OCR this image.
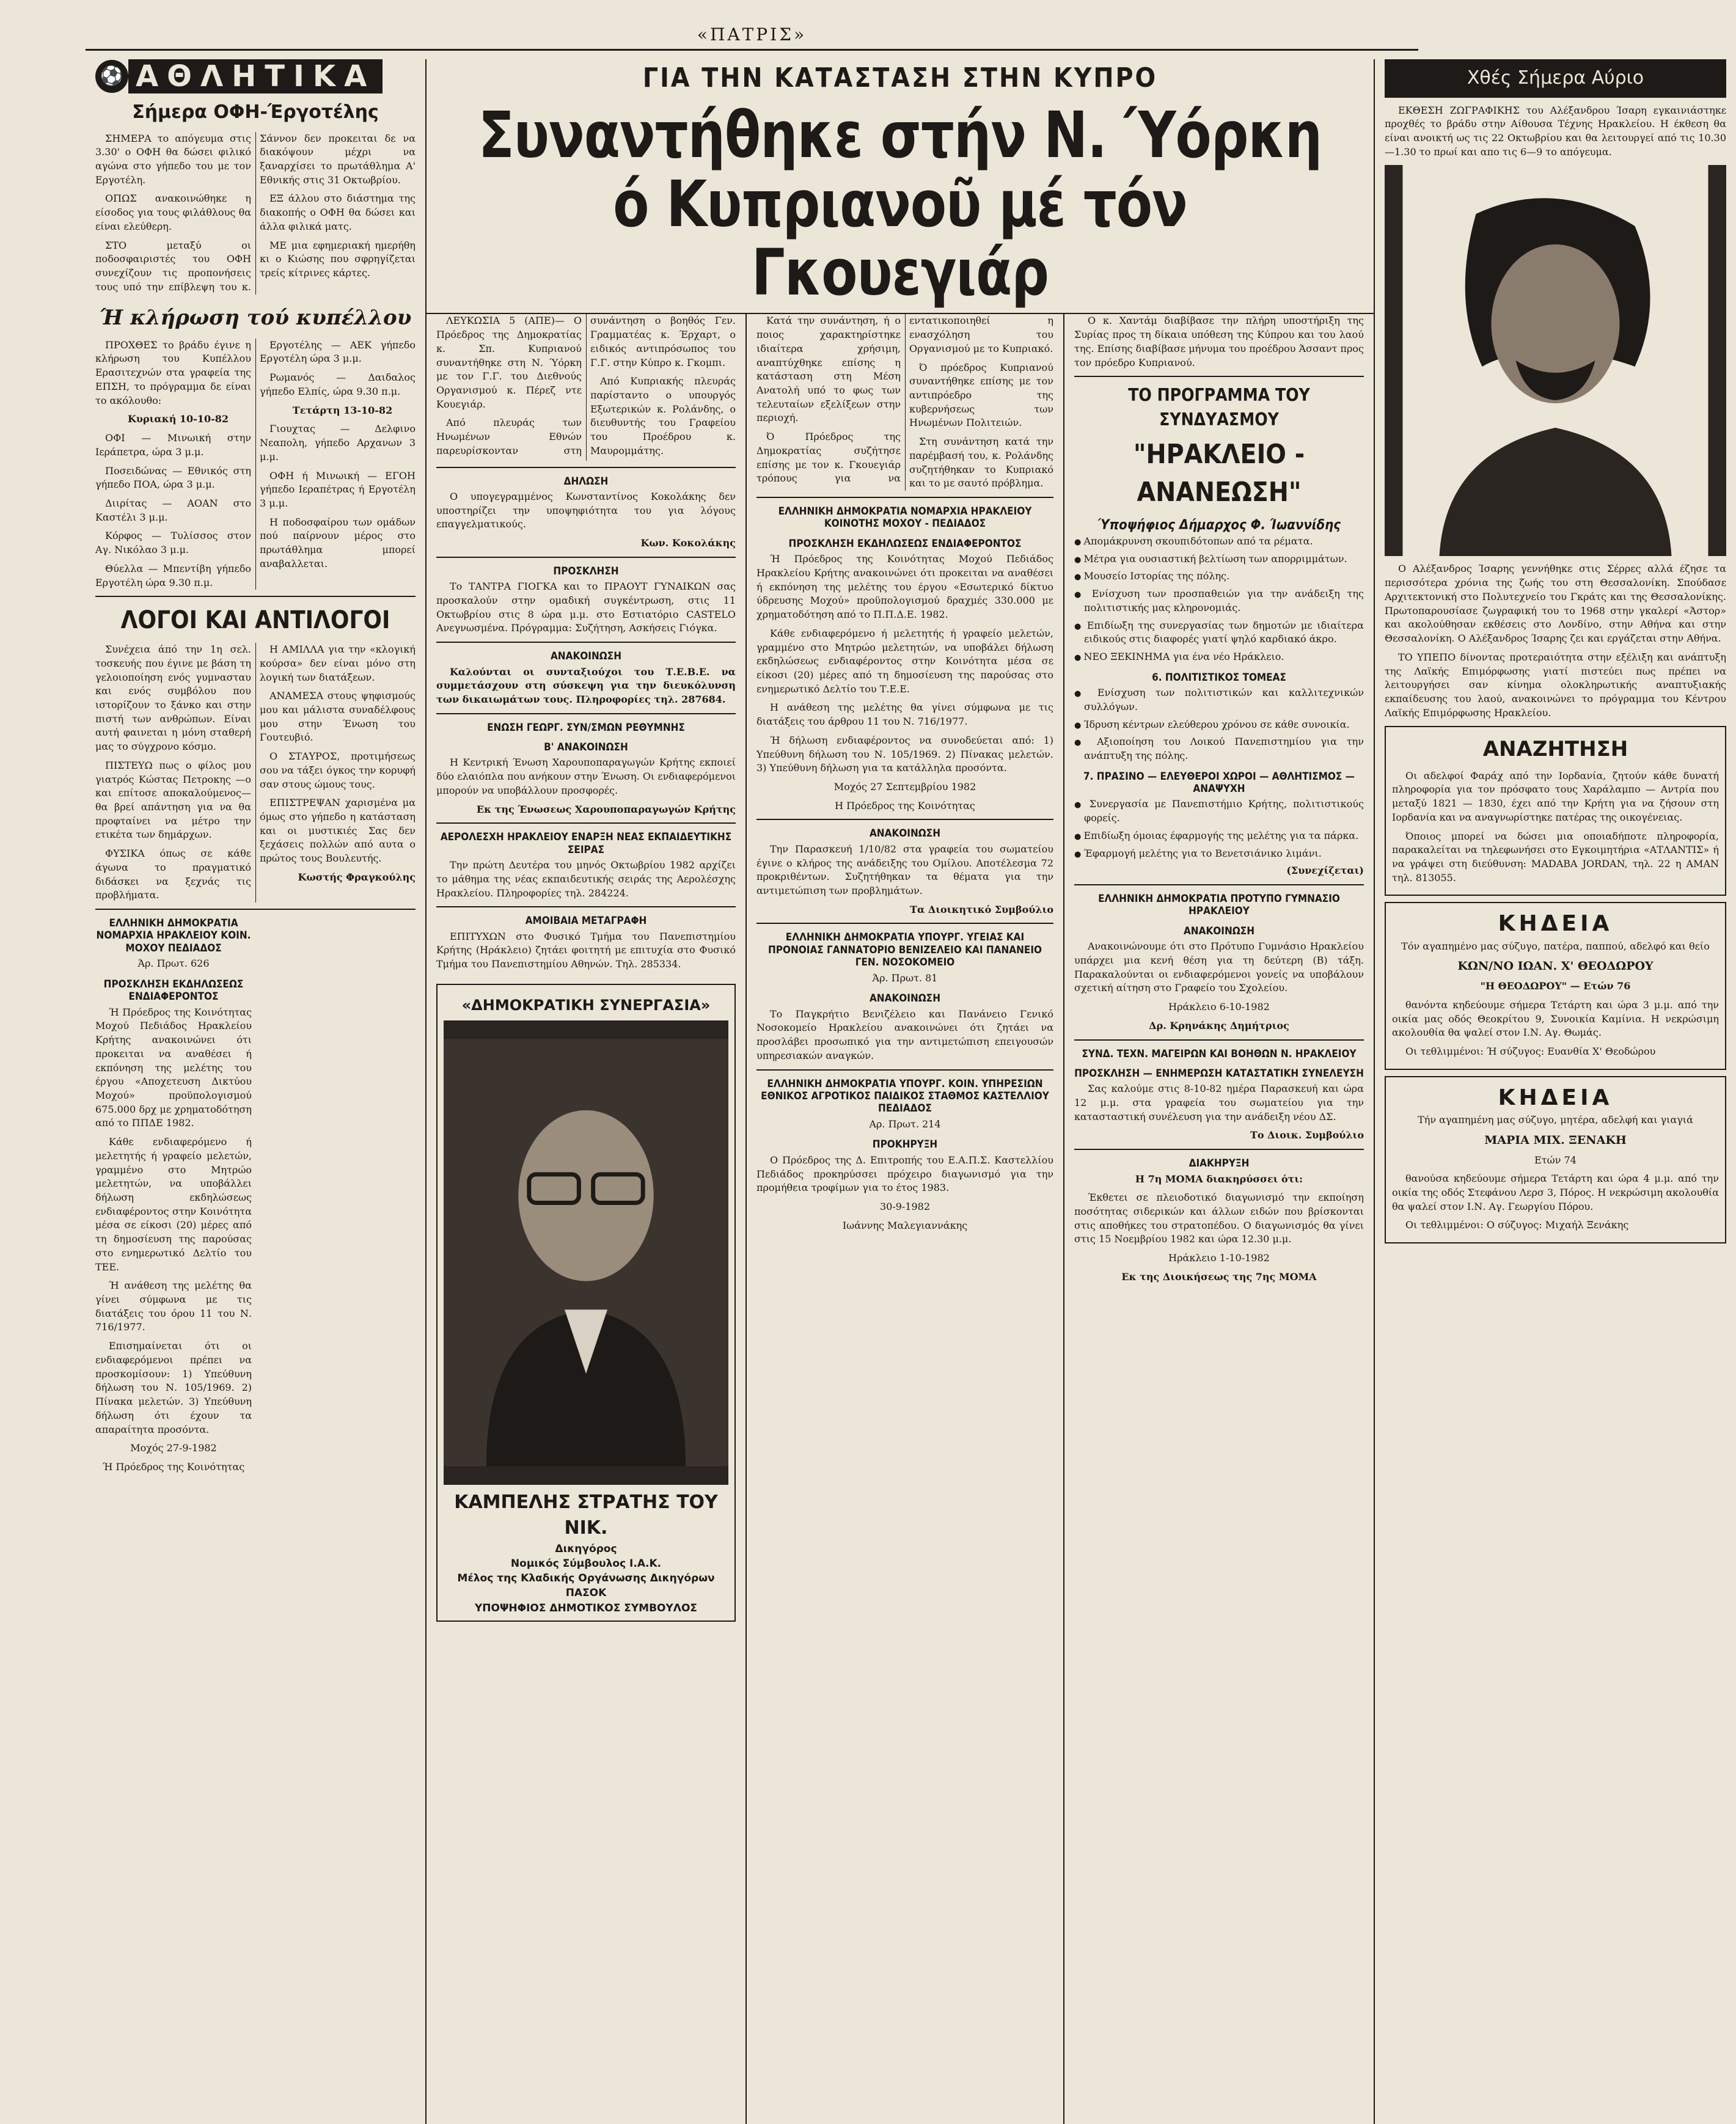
«ΠΑΤΡΙΣ»
⚽ ΑΘΛΗΤΙΚΑ
Σήμερα ΟΦΗ-Έργοτέλης

ΣΗΜΕΡΑ το απόγευμα στις 3.30' ο ΟΦΗ θα δώσει φιλικό αγώνα στο γήπεδο του με τον Εργοτέλη.

ΟΠΩΣ ανακοινώθηκε η είσοδος για τους φιλάθλους θα είναι ελεύθερη.

ΣΤΟ μεταξύ οι ποδοσφαιριστές του ΟΦΗ συνεχίζουν τις προπονήσεις τους υπό την επίβλεψη του κ. Σάννον δεν προκειται δε να διακόψουν μέχρι να ξαναρχίσει το πρωτάθλημα Α' Εθνικής στις 31 Οκτωβρίου.

ΕΞ άλλου στο διάστημα της διακοπής ο ΟΦΗ θα δώσει και άλλα φιλικά ματς.

ΜΕ μια εφημεριακή ημερήθη κι ο Κιώσης που σφρηγίζεται τρείς κίτρινες κάρτες.

Ή κλήρωση τού κυπέλλου

ΠΡΟΧΘΕΣ το βράδυ έγινε η κλήρωση του Κυπέλλου Ερασιτεχνών στα γραφεία της ΕΠΣΗ, το πρόγραμμα δε είναι το ακόλουθο:

Κυριακή 10-10-82

ΟΦΙ — Μινωική στην Ιεράπετρα, ώρα 3 μ.μ.

Ποσειδώνας — Εθνικός στη γήπεδο ΠΟΑ, ώρα 3 μ.μ.

Διιρίτας — ΑΟΑΝ στο Καστέλι 3 μ.μ.

Κόρφος — Τυλίσσος στον Αγ. Νικόλαο 3 μ.μ.

Θύελλα — Μπεντίβη γήπεδο Εργοτέλη ώρα 9.30 π.μ.

Εργοτέλης — ΑΕΚ γήπεδο Εργοτέλη ώρα 3 μ.μ.

Ρωμανός — Δαιδαλος γήπεδο Ελπίς, ώρα 9.30 π.μ.

Τετάρτη 13-10-82

Γιουχτας — Δελφινο Νεαπολη, γήπεδο Αρχανων 3 μ.μ.

ΟΦΗ ή Μινωική — ΕΓΟΗ γήπεδο Ιεραπέτρας ή Εργοτέλη 3 μ.μ.

Η ποδοσφαίρου των ομάδων πού παίρνουν μέρος στο πρωτάθλημα μπορεί αναβαλλεται.

ΛΟΓΟΙ ΚΑΙ ΑΝΤΙΛΟΓΟΙ

Συνέχεια άπό την 1η σελ. τοσκευής που έγινε με βάση τη γελοιοποίηση ενός γυμνασταυ και ενός συμβόλου που ιστορίζουν το ξάνκο και στην πιστή των ανθρώπων. Είναι αυτή φαινεται η μόνη σταθερή μας το σύγχρονο κόσμο.

ΠΙΣΤΕΥΩ πως ο φίλος μου γιατρός Κώστας Πετροκης —ο και επίτοσε αποκαλούμενος— θα βρεί απάντηση για να θα προφταίνει να μέτρο την ετικέτα των δημάρχων.

ΦΥΣΙΚΑ όπως σε κάθε άγωνα το πραγματικό διδάσκει να ξεχνάς τις προβλήματα.

Η ΑΜΙΛΛΑ για την «κλογική κούρσα» δεν είναι μόνο στη λογική των διατάξεων.

ΑΝΑΜΕΣΑ στους ψηφισμούς μου και μάλιστα συναδέλφους μου στην Ένωση του Γουτευβιό.

Ο ΣΤΑΥΡΟΣ, προτιμήσεως σου να τάξει όγκος την κορυφή σαν στους ώμους τους.

ΕΠΙΣΤΡΕΨΑΝ χαρισμένα μα όμως στο γήπεδο η κατάσταση και οι μυστικιές Σας δεν ξεχάσεις πολλών από αυτα ο πρώτος τους Βουλευτής.

Κωστής Φραγκούλης

ΕΛΛΗΝΙΚΗ ΔΗΜΟΚΡΑΤΙΑ ΝΟΜΑΡΧΙΑ ΗΡΑΚΛΕΙΟΥ ΚΟΙΝ. ΜΟΧΟΥ ΠΕΔΙΑΔΟΣ

Άρ. Πρωτ. 626

ΠΡΟΣΚΛΗΣΗ ΕΚΔΗΛΩΣΕΩΣ ΕΝΔΙΑΦΕΡΟΝΤΟΣ

Ή Πρόεδρος της Κοινότητας Μοχού Πεδιάδος Ηρακλείου Κρήτης ανακοινώνει ότι προκειται να αναθέσει ή εκπόνηση της μελέτης του έργου «Αποχετευση Δικτύου Μοχού» προϋπολογισμού 675.000 δρχ με χρηματοδότηση από το ΠΠΔΕ 1982.

Κάθε ενδιαφερόμενο ή μελετητής ή γραφείο μελετών, γραμμένο στο Μητρώο μελετητών, να υποβάλλει δήλωση εκδηλώσεως ενδιαφέροντος στην Κοινότητα μέσα σε είκοσι (20) μέρες από τη δημοσίευση της παρούσας στο ενημερωτικό Δελτίο του ΤΕΕ.

Ή ανάθεση της μελέτης θα γίνει σύμφωνα με τις διατάξεις του όρου 11 του Ν. 716/1977.

Επισημαίνεται ότι οι ενδιαφερόμενοι πρέπει να προσκομίσουν: 1) Υπεύθυνη δήλωση του Ν. 105/1969. 2) Πίνακα μελετών. 3) Υπεύθυνη δήλωση ότι έχουν τα απαραίτητα προσόντα.

Μοχός 27-9-1982

Ή Πρόεδρος της Κοινότητας

ΓΙΑ ΤΗΝ ΚΑΤΑΣΤΑΣΗ ΣΤΗΝ ΚΥΠΡΟ
Συναντήθηκε στήν Ν. Ύόρκη
ό Κυπριανοῦ μέ τόν Γκουεγιάρ

ΛΕΥΚΩΣΙΑ 5 (ΑΠΕ)— Ο Πρόεδρος της Δημοκρατίας κ. Σπ. Κυπριανού συναντήθηκε στη Ν. Ύόρκη με τον Γ.Γ. του Διεθνούς Οργανισμού κ. Πέρεζ ντε Κουεγιάρ.

Από πλευράς των Ηνωμένων Εθνών παρευρίσκονταν στη συνάντηση ο βοηθός Γεν. Γραμματέας κ. Έρχαρτ, ο ειδικός αντιπρόσωπος του Γ.Γ. στην Κύπρο κ. Γκομπι.

Από Κυπριακής πλευράς παρίσταντο ο υπουργός Εξωτερικών κ. Ρολάνδης, ο διευθυντής του Γραφείου του Προέδρου κ. Μαυρομμάτης.

ΔΗΛΩΣΗ

Ο υπογεγραμμένος Κωνσταντίνος Κοκολάκης δεν υποστηρίζει την υποψηφιότητα του για λόγους επαγγελματικούς.

Κων. Κοκολάκης

ΠΡΟΣΚΛΗΣΗ

Το ΤΑΝΤΡΑ ΓΙΟΓΚΑ και το ΠΡΑΟΥΤ ΓΥΝΑΙΚΩΝ σας προσκαλούν στην ομαδική συγκέντρωση, στις 11 Οκτωβρίου στις 8 ώρα μ.μ. στο Εστιατόριο CASTELO Ανεγνωσμένα. Πρόγραμμα: Συζήτηση, Ασκήσεις Γιόγκα.

ΑΝΑΚΟΙΝΩΣΗ

Καλούνται οι συνταξιούχοι του Τ.Ε.Β.Ε. να συμμετάσχουν στη σύσκεψη για την διευκόλυνση των δικαιωμάτων τους. Πληροφορίες τηλ. 287684.

ΕΝΩΣΗ ΓΕΩΡΓ. ΣΥΝ/ΣΜΩΝ ΡΕΘΥΜΝΗΣ
Β' ΑΝΑΚΟΙΝΩΣΗ

Η Κεντρική Ένωση Χαρουποπαραγωγών Κρήτης εκποιεί δύο ελαιόπλα που ανήκουν στην Ένωση. Οι ενδιαφερόμενοι μπορούν να υποβάλλουν προσφορές.

Εκ της Ένωσεως Χαρουποπαραγωγών Κρήτης

ΑΕΡΟΛΕΣΧΗ ΗΡΑΚΛΕΙΟΥ ΕΝΑΡΞΗ ΝΕΑΣ ΕΚΠΑΙΔΕΥΤΙΚΗΣ ΣΕΙΡΑΣ

Την πρώτη Δευτέρα του μηνός Οκτωβρίου 1982 αρχίζει το μάθημα της νέας εκπαιδευτικής σειράς της Αερολέσχης Ηρακλείου. Πληροφορίες τηλ. 284224.

ΑΜΟΙΒΑΙΑ ΜΕΤΑΓΡΑΦΗ

ΕΠΙΤΥΧΩΝ στο Φυσικό Τμήμα του Πανεπιστημίου Κρήτης (Ηράκλειο) ζητάει φοιτητή με επιτυχία στο Φυσικό Τμήμα του Πανεπιστημίου Αθηνών. Τηλ. 285334.

«ΔΗΜΟΚΡΑΤΙΚΗ ΣΥΝΕΡΓΑΣΙΑ»
ΚΑΜΠΕΛΗΣ ΣΤΡΑΤΗΣ ΤΟΥ ΝΙΚ.
Δικηγόρος
Νομικός Σύμβουλος Ι.Α.Κ.
Μέλος της Κλαδικής Οργάνωσης Δικηγόρων ΠΑΣΟΚ
ΥΠΟΨΗΦΙΟΣ ΔΗΜΟΤΙΚΟΣ ΣΥΜΒΟΥΛΟΣ

Κατά την συνάντηση, ή ο ποιος χαρακτηρίστηκε ιδιαίτερα χρήσιμη, αναπτύχθηκε επίσης η κατάσταση στη Μέση Ανατολή υπό το φως των τελευταίων εξελίξεων στην περιοχή.

Ό Πρόεδρος της Δημοκρατίας συζήτησε επίσης με τον κ. Γκουεγιάρ τρόπους για να εντατικοποιηθεί η ενασχόληση του Οργανισμού με το Κυπριακό.

Ό πρόεδρος Κυπριανού συναντήθηκε επίσης με τον αντιπρόεδρο της κυβερνήσεως των Ηνωμένων Πολιτειών.

Στη συνάντηση κατά την παρέμβασή του, κ. Ρολάνδης συζητήθηκαν το Κυπριακό και το με σαυτό πρόβλημα.

ΕΛΛΗΝΙΚΗ ΔΗΜΟΚΡΑΤΙΑ ΝΟΜΑΡΧΙΑ ΗΡΑΚΛΕΙΟΥ ΚΟΙΝΟΤΗΣ ΜΟΧΟΥ - ΠΕΔΙΑΔΟΣ
ΠΡΟΣΚΛΗΣΗ ΕΚΔΗΛΩΣΕΩΣ ΕΝΔΙΑΦΕΡΟΝΤΟΣ

Ή Πρόεδρος της Κοινότητας Μοχού Πεδιάδος Ηρακλείου Κρήτης ανακοινώνει ότι προκειται να αναθέσει ή εκπόνηση της μελέτης του έργου «Εσωτερικό δίκτυο ύδρευσης Μοχού» προϋπολογισμού δραχμές 330.000 με χρηματοδότηση από το Π.Π.Δ.Ε. 1982.

Κάθε ενδιαφερόμενο ή μελετητής ή γραφείο μελετών, γραμμένο στο Μητρώο μελετητών, να υποβάλει δήλωση εκδηλώσεως ενδιαφέροντος στην Κοινότητα μέσα σε είκοσι (20) μέρες από τη δημοσίευση της παρούσας στο ενημερωτικό Δελτίο του Τ.Ε.Ε.

Η ανάθεση της μελέτης θα γίνει σύμφωνα με τις διατάξεις του άρθρου 11 του Ν. 716/1977.

Ή δήλωση ενδιαφέροντος να συνοδεύεται από: 1) Υπεύθυνη δήλωση του Ν. 105/1969. 2) Πίνακας μελετών. 3) Υπεύθυνη δήλωση για τα κατάλληλα προσόντα.

Μοχός 27 Σεπτεμβρίου 1982

Η Πρόεδρος της Κοινότητας

ΑΝΑΚΟΙΝΩΣΗ

Την Παρασκευή 1/10/82 στα γραφεία του σωματείου έγινε ο κλήρος της ανάδειξης του Ομίλου. Αποτέλεσμα 72 προκριθέντων. Συζητήθηκαν τα θέματα για την αντιμετώπιση των προβλημάτων.

Τα Διοικητικό Συμβούλιο

ΕΛΛΗΝΙΚΗ ΔΗΜΟΚΡΑΤΙΑ ΥΠΟΥΡΓ. ΥΓΕΙΑΣ ΚΑΙ ΠΡΟΝΟΙΑΣ ΓΑΝΝΑΤΟΡΙΟ ΒΕΝΙΖΕΛΕΙΟ ΚΑΙ ΠΑΝΑΝΕΙΟ ΓΕΝ. ΝΟΣΟΚΟΜΕΙΟ

Άρ. Πρωτ. 81

ΑΝΑΚΟΙΝΩΣΗ

Το Παγκρήτιο Βενιζέλειο και Πανάνειο Γενικό Νοσοκομείο Ηρακλείου ανακοινώνει ότι ζητάει να προσλάβει προσωπικό για την αντιμετώπιση επειγουσών υπηρεσιακών αναγκών.

ΕΛΛΗΝΙΚΗ ΔΗΜΟΚΡΑΤΙΑ ΥΠΟΥΡΓ. ΚΟΙΝ. ΥΠΗΡΕΣΙΩΝ ΕΘΝΙΚΟΣ ΑΓΡΟΤΙΚΟΣ ΠΑΙΔΙΚΟΣ ΣΤΑΘΜΟΣ ΚΑΣΤΕΛΛΙΟΥ ΠΕΔΙΑΔΟΣ

Αρ. Πρωτ. 214

ΠΡΟΚΗΡΥΞΗ

Ο Πρόεδρος της Δ. Επιτροπής του Ε.Α.Π.Σ. Καστελλίου Πεδιάδος προκηρύσσει πρόχειρο διαγωνισμό για την προμήθεια τροφίμων για το έτος 1983.

30-9-1982

Ιωάννης Μαλεγιαννάκης

Ο κ. Χαντάμ διαβίβασε την πλήρη υποστήριξη της Συρίας προς τη δίκαια υπόθεση της Κύπρου και του λαού της. Επίσης διαβίβασε μήνυμα του προέδρου Άσσαντ προς τον πρόεδρο Κυπριανού.

ΤΟ ΠΡΟΓΡΑΜΜΑ ΤΟΥ ΣΥΝΔΥΑΣΜΟΥ
"ΗΡΑΚΛΕΙΟ - ΑΝΑΝΕΩΣΗ"
Ύποψήφιος Δήμαρχος Φ. Ίωαννίδης
● Απομάκρυνση σκουπιδότοπων από τα ρέματα.
● Μέτρα για ουσιαστική βελτίωση των απορριμμάτων.
● Μουσείο Ιστορίας της πόλης.
● Ενίσχυση των προσπαθειών για την ανάδειξη της πολιτιστικής μας κληρονομιάς.
● Επιδίωξη της συνεργασίας των δημοτών με ιδιαίτερα ειδικούς στις διαφορές γιατί ψηλό καρδιακό άκρο.
● ΝΕΟ ΞΕΚΙΝΗΜΑ για ένα νέο Ηράκλειο.
6. ΠΟΛΙΤΙΣΤΙΚΟΣ ΤΟΜΕΑΣ
● Ενίσχυση των πολιτιστικών και καλλιτεχνικών συλλόγων.
● Ίδρυση κέντρων ελεύθερου χρόνου σε κάθε συνοικία.
● Αξιοποίηση του Λοικού Πανεπιστημίου για την ανάπτυξη της πόλης.
7. ΠΡΑΣΙΝΟ — ΕΛΕΥΘΕΡΟΙ ΧΩΡΟΙ — ΑΘΛΗΤΙΣΜΟΣ — ΑΝΑΨΥΧΗ
● Συνεργασία με Πανεπιστήμιο Κρήτης, πολιτιστικούς φορείς.
● Επιδίωξη όμοιας έφαρμογής της μελέτης για τα πάρκα.
● Έφαρμογή μελέτης για το Βενετσιάνικο λιμάνι.

(Συνεχίζεται)

ΕΛΛΗΝΙΚΗ ΔΗΜΟΚΡΑΤΙΑ ΠΡΟΤΥΠΟ ΓΥΜΝΑΣΙΟ ΗΡΑΚΛΕΙΟΥ
ΑΝΑΚΟΙΝΩΣΗ

Ανακοινώνουμε ότι στο Πρότυπο Γυμνάσιο Ηρακλείου υπάρχει μια κενή θέση για τη δεύτερη (Β) τάξη. Παρακαλούνται οι ενδιαφερόμενοι γονείς να υποβάλουν σχετική αίτηση στο Γραφείο του Σχολείου.

Ηράκλειο 6-10-1982

Δρ. Κρηνάκης Δημήτριος

ΣΥΝΔ. ΤΕΧΝ. ΜΑΓΕΙΡΩΝ ΚΑΙ ΒΟΗΘΩΝ Ν. ΗΡΑΚΛΕΙΟΥ
ΠΡΟΣΚΛΗΣΗ — ΕΝΗΜΕΡΩΣΗ ΚΑΤΑΣΤΑΤΙΚΗ ΣΥΝΕΛΕΥΣΗ

Σας καλούμε στις 8-10-82 ημέρα Παρασκευή και ώρα 12 μ.μ. στα γραφεία του σωματείου για την κατασταστική συνέλευση για την ανάδειξη νέου ΔΣ.

Το Διοικ. Συμβούλιο

ΔΙΑΚΗΡΥΞΗ

Η 7η ΜΟΜΑ διακηρύσσει ότι:

Έκθετει σε πλειοδοτικό διαγωνισμό την εκποίηση ποσότητας σιδερικών και άλλων ειδών που βρίσκονται στις αποθήκες του στρατοπέδου. Ο διαγωνισμός θα γίνει στις 15 Νοεμβρίου 1982 και ώρα 12.30 μ.μ.

Ηράκλειο 1-10-1982

Εκ της Διοικήσεως της 7ης ΜΟΜΑ

Χθές Σήμερα Αύριο

ΕΚΘΕΣΗ ΖΩΓΡΑΦΙΚΗΣ του Αλέξανδρου Ίσαρη εγκαινιάστηκε προχθές το βράδυ στην Αίθουσα Τέχνης Ηρακλείου. Η έκθεση θα είναι ανοικτή ως τις 22 Οκτωβρίου και θα λειτουργεί από τις 10.30—1.30 το πρωί και απο τις 6—9 το απόγευμα.

Ο Αλέξανδρος Ίσαρης γεννήθηκε στις Σέρρες αλλά έζησε τα περισσότερα χρόνια της ζωής του στη Θεσσαλονίκη. Σπούδασε Αρχιτεκτονική στο Πολυτεχνείο του Γκράτς και της Θεσσαλονίκης. Πρωτοπαρουσίασε ζωγραφική του το 1968 στην γκαλερί «Άστορ» και ακολούθησαν εκθέσεις στο Λονδίνο, στην Αθήνα και στην Θεσσαλονίκη. Ο Αλέξανδρος Ίσαρης ζει και εργάζεται στην Αθήνα.

ΤΟ ΥΠΕΠΟ δίνοντας προτεραιότητα στην εξέλιξη και ανάπτυξη της Λαϊκής Επιμόρφωσης γιατί πιστεύει πως πρέπει να λειτουργήσει σαν κίνημα ολοκληρωτικής αναπτυξιακής εκπαίδευσης του λαού, ανακοινώνει το πρόγραμμα του Κέντρου Λαϊκής Επιμόρφωσης Ηρακλείου.

ΑΝΑΖΗΤΗΣΗ

Οι αδελφοί Φαράχ από την Ιορδανία, ζητούν κάθε δυνατή πληροφορία για τον πρόσφατο τους Χαράλαμπο — Αντρία που μεταξύ 1821 — 1830, έχει από την Κρήτη για να ζήσουν στη Ιορδανία και να αναγνωρίστηκε πατέρας της οικογένειας.

Όποιος μπορεί να δώσει μια οποιαδήποτε πληροφορία, παρακαλείται να τηλεφωνήσει στο Εγκοιμητήρια «ΑΤΛΑΝΤΙΣ» ή να γράψει στη διεύθυνση: MADABA JORDAN, τηλ. 22 η AMAN τηλ. 813055.

ΚΗΔΕΙΑ

Τόν αγαπημένο μας σύζυγο, πατέρα, παππού, αδελφό και θείο

ΚΩΝ/ΝΟ ΙΩΑΝ. Χ' ΘΕΟΔΩΡΟΥ

"Η ΘΕΟΔΩΡΟΥ" — Ετών 76

θανόντα κηδεύουμε σήμερα Τετάρτη και ώρα 3 μ.μ. από την οικία μας οδός Θεοκρίτου 9, Συνοικία Καμίνια. Η νεκρώσιμη ακολουθία θα ψαλεί στον Ι.Ν. Αγ. Θωμάς.

Οι τεθλιμμένοι: Ή σύζυγος: Ευανθία Χ' Θεοδώρου

ΚΗΔΕΙΑ

Τήν αγαπημένη μας σύζυγο, μητέρα, αδελφή και γιαγιά

ΜΑΡΙΑ ΜΙΧ. ΞΕΝΑΚΗ

Ετών 74

θανούσα κηδεύουμε σήμερα Τετάρτη και ώρα 4 μ.μ. από την οικία της οδός Στεφάνου Λερσ 3, Πόρος. Η νεκρώσιμη ακολουθία θα ψαλεί στον Ι.Ν. Αγ. Γεωργίου Πόρου.

Οι τεθλιμμένοι: Ο σύζυγος: Μιχαήλ Ξενάκης
